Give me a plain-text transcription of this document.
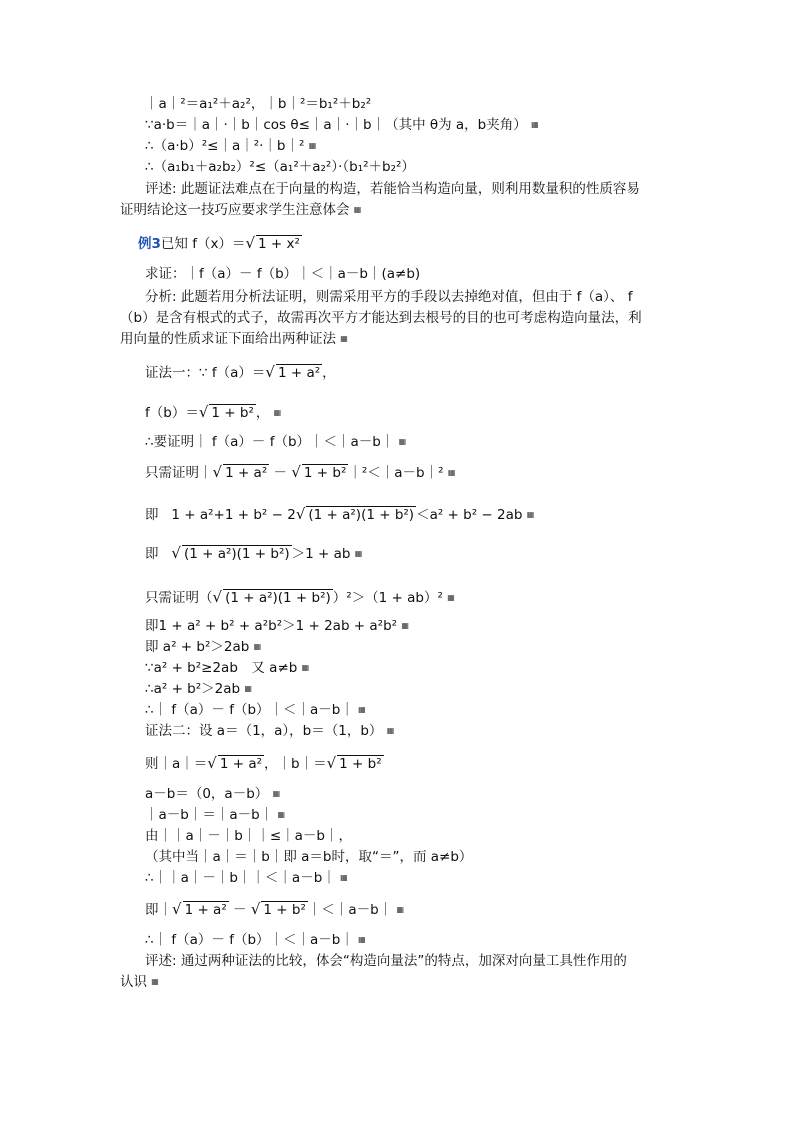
｜a｜²＝a₁²＋a₂²，｜b｜²＝b₁²＋b₂²
∵a·b＝｜a｜·｜b｜cos θ≤｜a｜·｜b｜（其中 θ为 a，b夹角） ▦
∴（a·b）²≤｜a｜²·｜b｜² ▦
∴（a₁b₁＋a₂b₂）²≤（a₁²＋a₂²）·（b₁²＋b₂²）
评述: 此题证法难点在于向量的构造，若能恰当构造向量，则利用数量积的性质容易
证明结论这一技巧应要求学生注意体会 ▦
例3已知 f（x）＝√ 1 + x²
求证：｜f（a）－ f（b）｜＜｜a－b｜(a≠b)
分析: 此题若用分析法证明，则需采用平方的手段以去掉绝对值，但由于 f（a）、 f
（b）是含有根式的式子，故需再次平方才能达到去根号的目的也可考虑构造向量法，利
用向量的性质求证下面给出两种证法 ▦
证法一：∵ f（a）＝√ 1 + a² ，
f（b）＝√ 1 + b² ， ▦
∴要证明｜ f（a）－ f（b）｜＜｜a－b｜ ▦
只需证明｜√ 1 + a² － √ 1 + b² ｜²＜｜a－b｜² ▦
即 1 + a²+1 + b² − 2√ (1 + a²)(1 + b²) ＜a² + b² − 2ab ▦
即 √ (1 + a²)(1 + b²) ＞1 + ab ▦
只需证明（√ (1 + a²)(1 + b²) ）²＞（1 + ab）² ▦
即1 + a² + b² + a²b²＞1 + 2ab + a²b² ▦
即 a² + b²＞2ab ▦
∵a² + b²≥2ab　又 a≠b ▦
∴a² + b²＞2ab ▦
∴｜ f（a）－ f（b）｜＜｜a－b｜ ▦
证法二：设 a＝（1，a），b＝（1，b） ▦
则｜a｜＝√ 1 + a² ，｜b｜＝√ 1 + b²
a－b＝（0，a－b） ▦
｜a－b｜＝｜a－b｜ ▦
由｜｜a｜－｜b｜｜≤｜a－b｜，
（其中当｜a｜＝｜b｜即 a＝b时，取“＝”，而 a≠b）
∴｜｜a｜－｜b｜｜＜｜a－b｜ ▦
即｜√ 1 + a² － √ 1 + b² ｜＜｜a－b｜ ▦
∴｜ f（a）－ f（b）｜＜｜a－b｜ ▦
评述: 通过两种证法的比较，体会“构造向量法”的特点，加深对向量工具性作用的
认识 ▦
